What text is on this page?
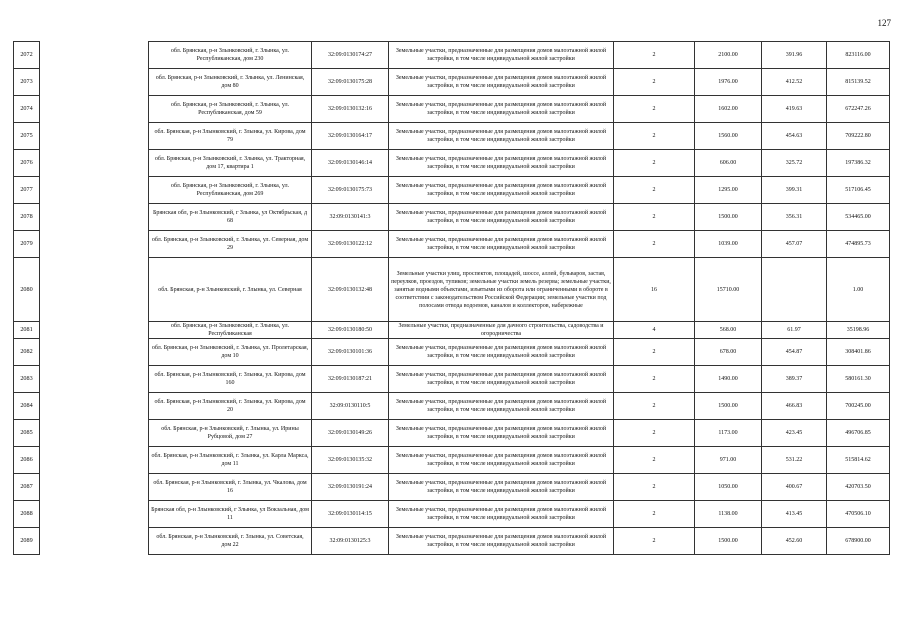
127
2072		обл. Брянская, р-н Злынковский, г. Злынка, ул. Республиканская, дом 230	32:09:0130174:27	Земельные участки, предназначенные для размещения домов малоэтажной жилой застройки, в том числе индивидуальной жилой застройки	2	2100.00	391.96	823116.00
2073		обл. Брянская, р-н Злынковский, г. Злынка, ул. Ленинская, дом 80	32:09:0130175:28	Земельные участки, предназначенные для размещения домов малоэтажной жилой застройки, в том числе индивидуальной жилой застройки	2	1976.00	412.52	815139.52
2074		обл. Брянская, р-н Злынковский, г. Злынка, ул. Республиканская, дом 59	32:09:0130132:16	Земельные участки, предназначенные для размещения домов малоэтажной жилой застройки, в том числе индивидуальной жилой застройки	2	1602.00	419.63	672247.26
2075		обл. Брянская, р-н Злынковский, г. Злынка, ул. Кирова, дом 79	32:09:0130164:17	Земельные участки, предназначенные для размещения домов малоэтажной жилой застройки, в том числе индивидуальной жилой застройки	2	1560.00	454.63	709222.80
2076		обл. Брянская, р-н Злынковский, г. Злынка, ул. Тракторная, дом 17, квартира 1	32:09:0130146:14	Земельные участки, предназначенные для размещения домов малоэтажной жилой застройки, в том числе индивидуальной жилой застройки	2	606.00	325.72	197386.32
2077		обл. Брянская, р-н Злынковский, г. Злынка, ул. Республиканская, дом 269	32:09:0130175:73	Земельные участки, предназначенные для размещения домов малоэтажной жилой застройки, в том числе индивидуальной жилой застройки	2	1295.00	399.31	517106.45
2078		Брянская обл, р-н Злынковский, г Злынка, ул Октябрьская, д 68	32:09:0130141:3	Земельные участки, предназначенные для размещения домов малоэтажной жилой застройки, в том числе индивидуальной жилой застройки	2	1500.00	356.31	534465.00
2079		обл. Брянская, р-н Злынковский, г. Злынка, ул. Северная, дом 29	32:09:0130122:12	Земельные участки, предназначенные для размещения домов малоэтажной жилой застройки, в том числе индивидуальной жилой застройки	2	1039.00	457.07	474895.73
2080		обл. Брянская, р-н Злынковский, г. Злынка, ул. Северная	32:09:0130132:48	Земельные участки улиц, проспектов, площадей, шоссе, аллей, бульваров, застав, переулков, проездов, тупиков; земельные участки земель резерва; земельные участки, занятые водными объектами, изъятыми из оборота или ограниченными в обороте в соответствии с законодательством Российской Федерации; земельные участки под полосами отвода водоемов, каналов и коллекторов, набережные	16	15710.00		1.00
2081		обл. Брянская, р-н Злынковский, г. Злынка, ул. Республиканская	32:09:0130180:50	Земельные участки, предназначенные для дачного строительства, садоводства и огородничества	4	568.00	61.97	35198.96
2082		обл. Брянская, р-н Злынковский, г. Злынка, ул. Пролетарская, дом 10	32:09:0130101:36	Земельные участки, предназначенные для размещения домов малоэтажной жилой застройки, в том числе индивидуальной жилой застройки	2	678.00	454.87	308401.86
2083		обл. Брянская, р-н Злынковский, г. Злынка, ул. Кирова, дом 160	32:09:0130187:21	Земельные участки, предназначенные для размещения домов малоэтажной жилой застройки, в том числе индивидуальной жилой застройки	2	1490.00	389.37	580161.30
2084		обл. Брянская, р-н Злынковский, г. Злынка, ул. Кирова, дом 20	32:09:0130110:5	Земельные участки, предназначенные для размещения домов малоэтажной жилой застройки, в том числе индивидуальной жилой застройки	2	1500.00	466.83	700245.00
2085		обл. Брянская, р-н Злынковский, г. Злынка, ул. Ирины Рубцовой, дом 27	32:09:0130149:26	Земельные участки, предназначенные для размещения домов малоэтажной жилой застройки, в том числе индивидуальной жилой застройки	2	1173.00	423.45	496706.85
2086		обл. Брянская, р-н Злынковский, г. Злынка, ул. Карла Маркса, дом 11	32:09:0130135:32	Земельные участки, предназначенные для размещения домов малоэтажной жилой застройки, в том числе индивидуальной жилой застройки	2	971.00	531.22	515814.62
2087		обл. Брянская, р-н Злынковский, г. Злынка, ул. Чкалова, дом 16	32:09:0130191:24	Земельные участки, предназначенные для размещения домов малоэтажной жилой застройки, в том числе индивидуальной жилой застройки	2	1050.00	400.67	420703.50
2088		Брянская обл, р-н Злынковский, г Злынка, ул Вокзальная, дом 11	32:09:0130114:15	Земельные участки, предназначенные для размещения домов малоэтажной жилой застройки, в том числе индивидуальной жилой застройки	2	1138.00	413.45	470506.10
2089		обл. Брянская, р-н Злынковский, г. Злынка, ул. Советская, дом 22	32:09:0130125:3	Земельные участки, предназначенные для размещения домов малоэтажной жилой застройки, в том числе индивидуальной жилой застройки	2	1500.00	452.60	678900.00
